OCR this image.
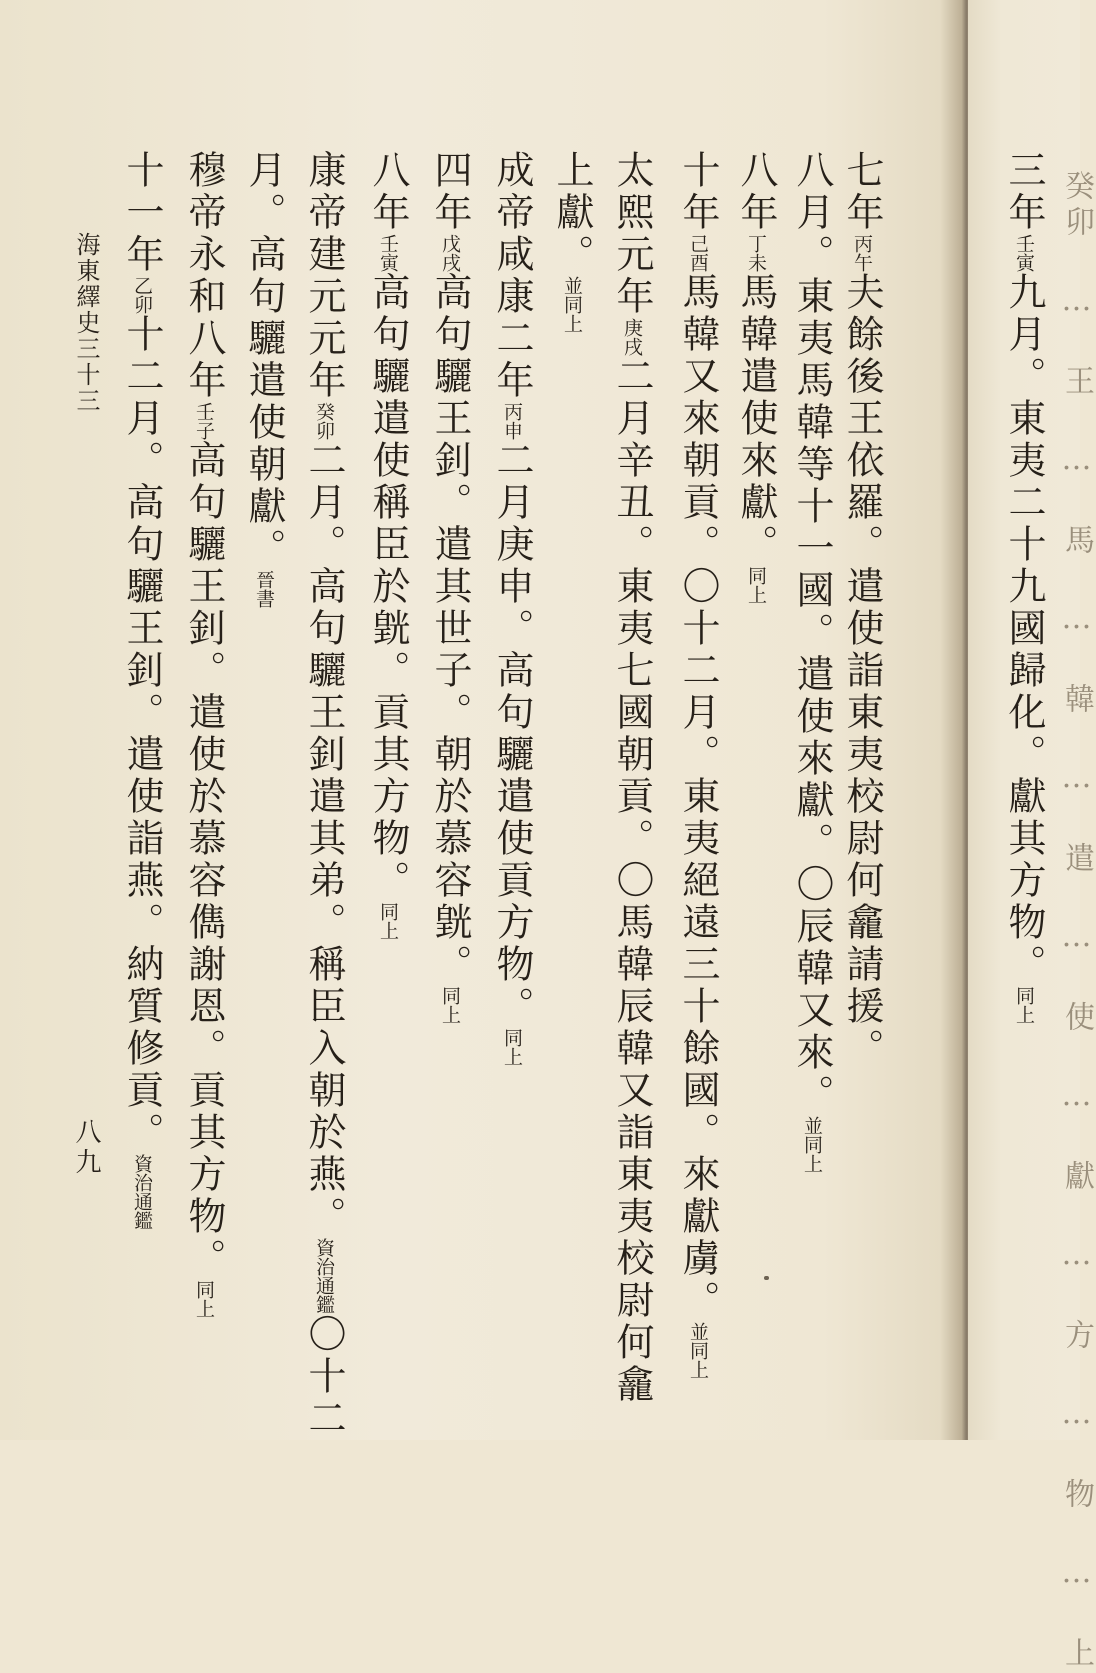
七年丙午夫餘後王依羅。遣使詣東夷校尉何龕請援。
八月。東夷馬韓等十一國。遣使來獻。〇辰韓又來。並同上
八年丁未馬韓遣使來獻。同上
十年己酉馬韓又來朝貢。〇十二月。東夷絕遠三十餘國。來獻虜。並同上
太熙元年庚戌二月辛丑。東夷七國朝貢。〇馬韓辰韓又詣東夷校尉何龕
上獻。並同上
成帝咸康二年丙申二月庚申。高句驪遣使貢方物。同上
四年戊戌高句驪王釗。遣其世子。朝於慕容皝。同上
八年壬寅高句驪遣使稱臣於皝。貢其方物。同上
康帝建元元年癸卯二月。高句驪王釗遣其弟。稱臣入朝於燕。資治通鑑〇十二
月。高句驪遣使朝獻。晉書
穆帝永和八年壬子高句驪王釗。遣使於慕容儁謝恩。貢其方物。同上
十一年乙卯十二月。高句驪王釗。遣使詣燕。納質修貢。資治通鑑
海東繹史三十三
八九
三年壬寅九月。東夷二十九國歸化。獻其方物。同上 癸卯 … 王 … 馬 … 韓 … 遣 … 使 … 獻 … 方 … 物 … 上
